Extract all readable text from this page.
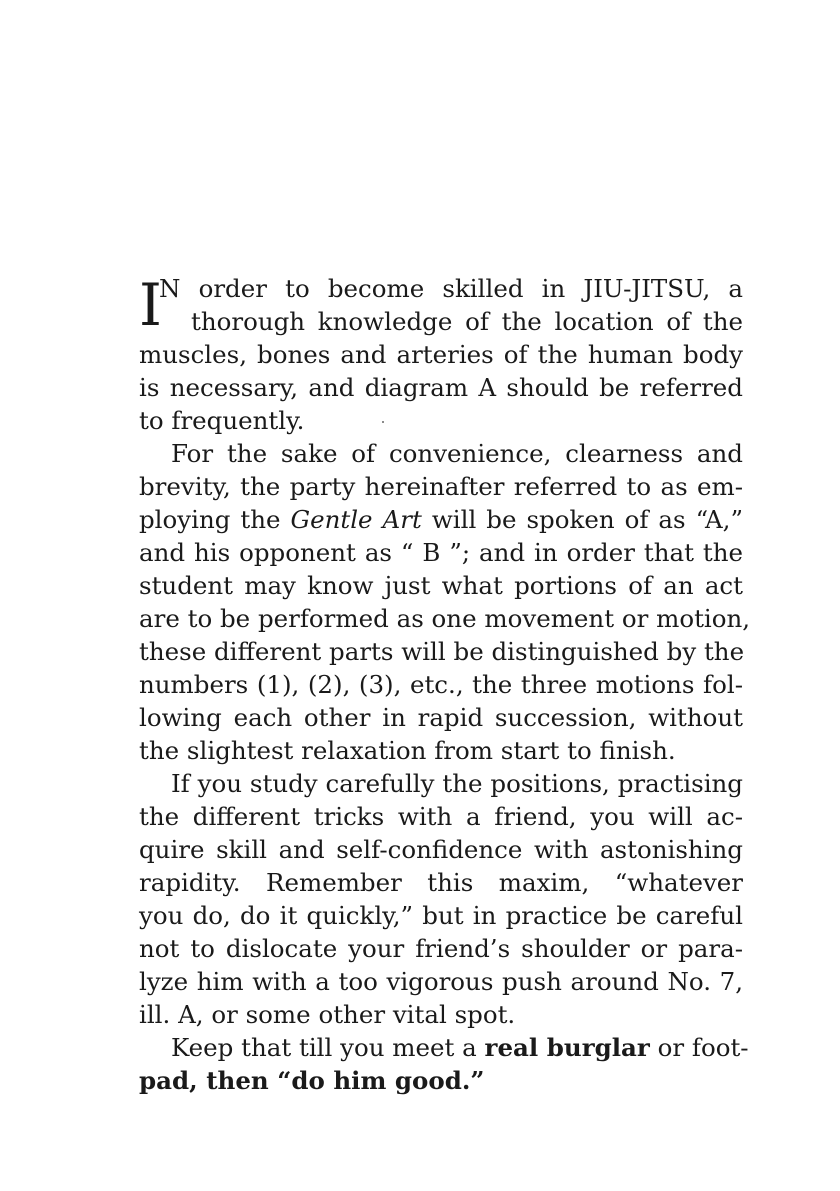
I
N order to become skilled in JIU-JITSU, a
thorough knowledge of the location of the
muscles, bones and arteries of the human body
is necessary, and diagram A should be referred
to frequently.
For the sake of convenience, clearness and
brevity, the party hereinafter referred to as em-
ploying the Gentle Art will be spoken of as “A,”
and his opponent as “ B ”; and in order that the
student may know just what portions of an act
are to be performed as one movement or motion,
these different parts will be distinguished by the
numbers (1), (2), (3), etc., the three motions fol-
lowing each other in rapid succession, without
the slightest relaxation from start to finish.
If you study carefully the positions, practising
the different tricks with a friend, you will ac-
quire skill and self-confidence with astonishing
rapidity. Remember this maxim, “whatever
you do, do it quickly,” but in practice be careful
not to dislocate your friend’s shoulder or para-
lyze him with a too vigorous push around No. 7,
ill. A, or some other vital spot.
Keep that till you meet a real burglar or foot-
pad, then “do him good.”
